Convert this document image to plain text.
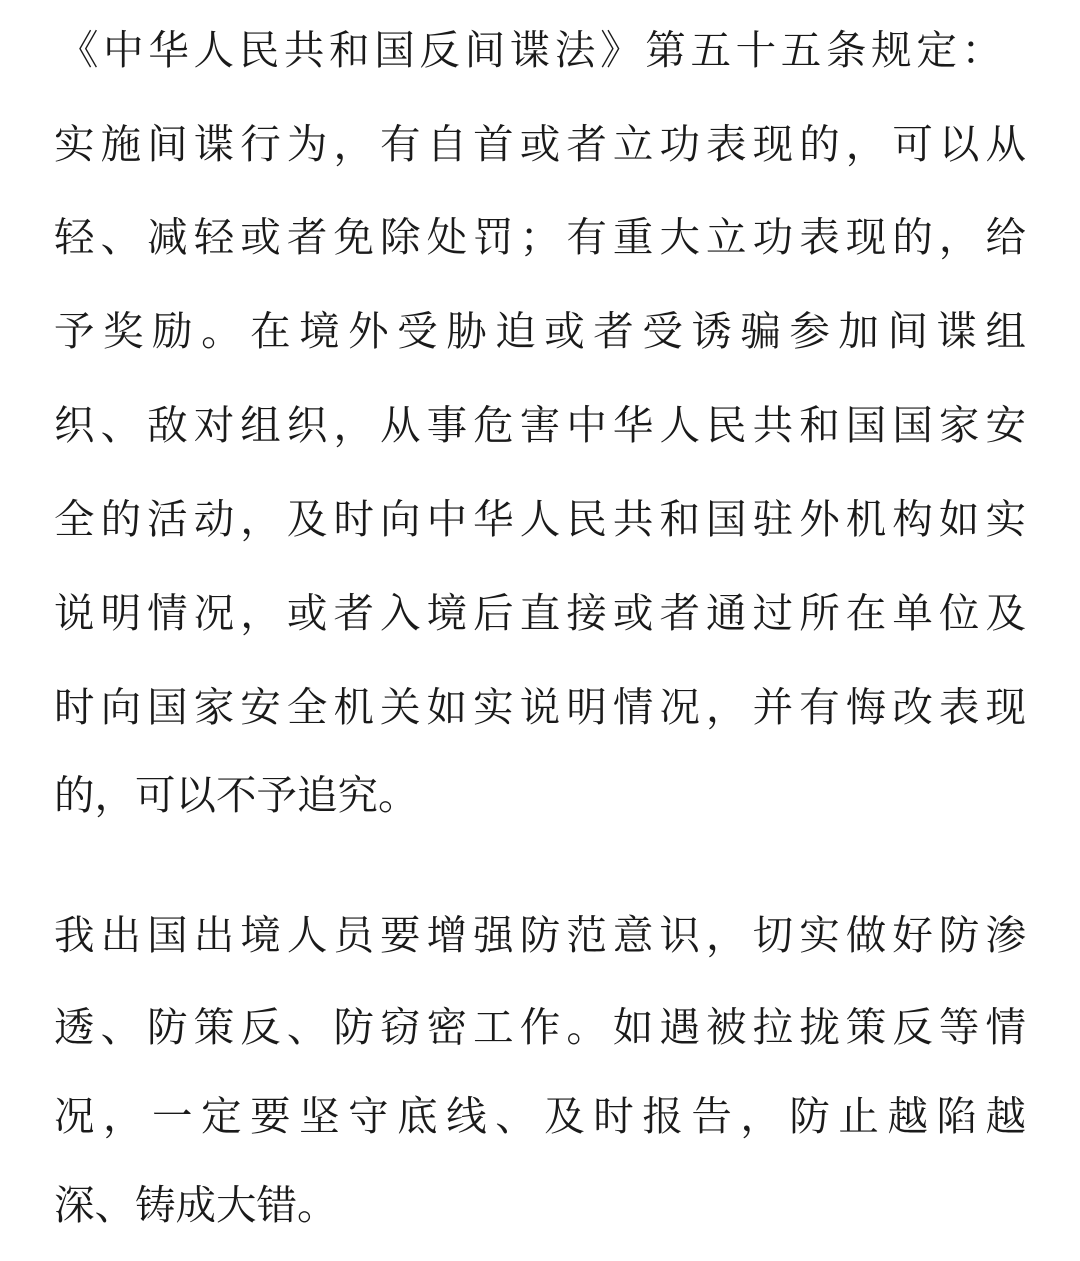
《中华人民共和国反间谍法》第五十五条规定：
实施间谍行为，有自首或者立功表现的，可以从
轻、减轻或者免除处罚；有重大立功表现的，给
予奖励。在境外受胁迫或者受诱骗参加间谍组
织、敌对组织，从事危害中华人民共和国国家安
全的活动，及时向中华人民共和国驻外机构如实
说明情况，或者入境后直接或者通过所在单位及
时向国家安全机关如实说明情况，并有悔改表现
的，可以不予追究。
我出国出境人员要增强防范意识，切实做好防渗
透、防策反、防窃密工作。如遇被拉拢策反等情
况，一定要坚守底线、及时报告，防止越陷越
深、铸成大错。
